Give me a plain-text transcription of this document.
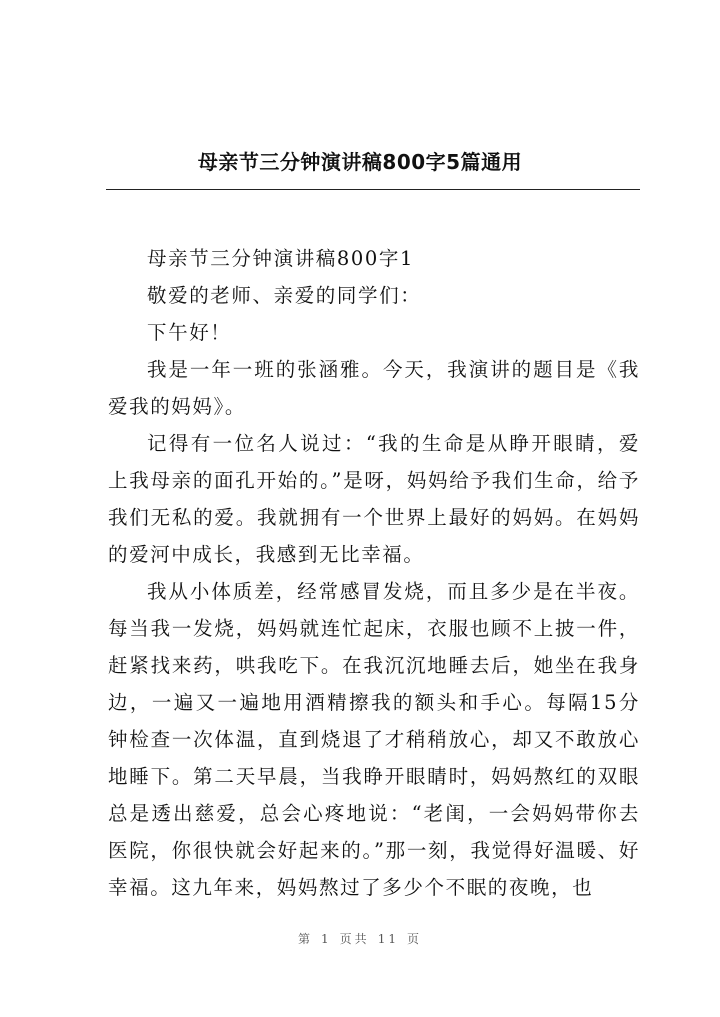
母亲节三分钟演讲稿800字5篇通用

母亲节三分钟演讲稿800字1

敬爱的老师、亲爱的同学们：

下午好！

我是一年一班的张涵雅。今天，我演讲的题目是《我爱我的妈妈》。

记得有一位名人说过：“我的生命是从睁开眼睛，爱上我母亲的面孔开始的。”是呀，妈妈给予我们生命，给予我们无私的爱。我就拥有一个世界上最好的妈妈。在妈妈的爱河中成长，我感到无比幸福。

我从小体质差，经常感冒发烧，而且多少是在半夜。每当我一发烧，妈妈就连忙起床，衣服也顾不上披一件，赶紧找来药，哄我吃下。在我沉沉地睡去后，她坐在我身边，一遍又一遍地用酒精擦我的额头和手心。每隔15分钟检查一次体温，直到烧退了才稍稍放心，却又不敢放心地睡下。第二天早晨，当我睁开眼睛时，妈妈熬红的双眼总是透出慈爱，总会心疼地说：“老闺，一会妈妈带你去医院，你很快就会好起来的。”那一刻，我觉得好温暖、好幸福。这九年来，妈妈熬过了多少个不眠的夜晚，也

第 1 页共 11 页
